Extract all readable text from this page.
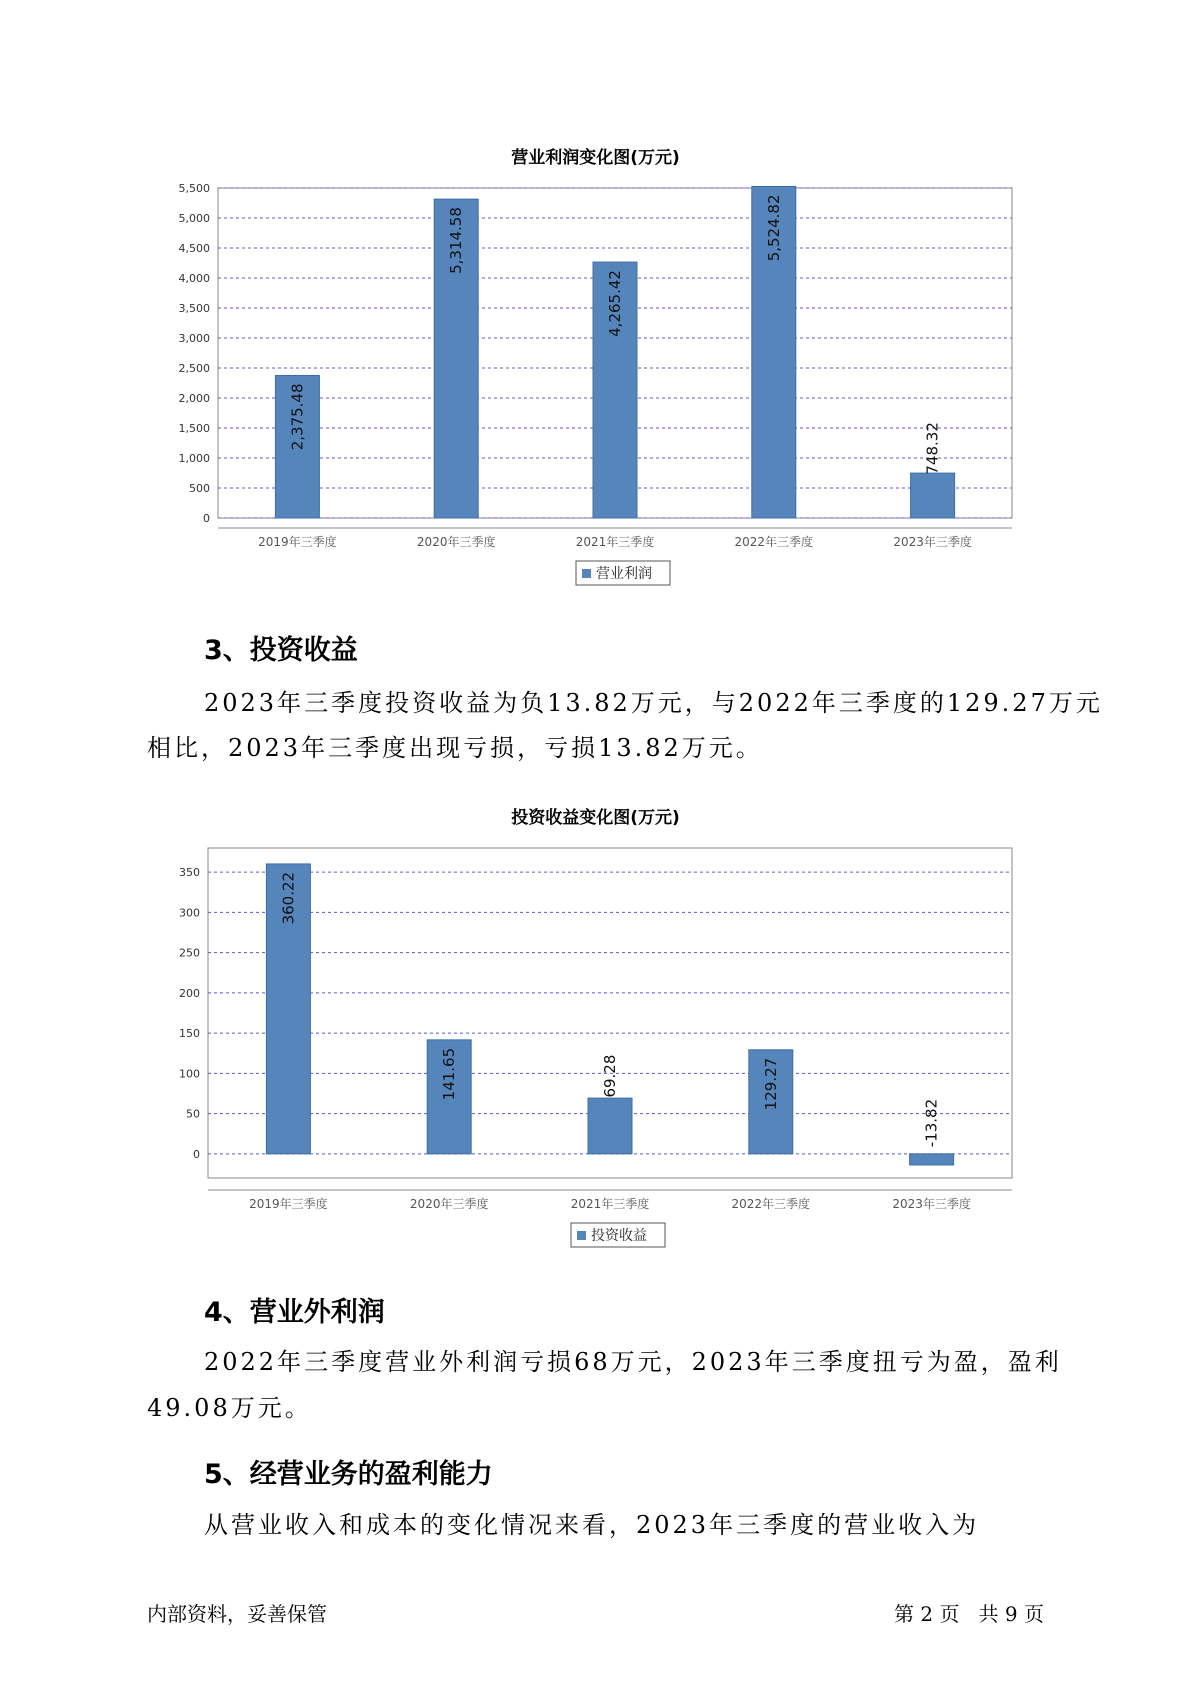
营业利润变化图(万元)
0
500
1,000
1,500
2,000
2,500
3,000
3,500
4,000
4,500
5,000
5,500
2,375.48
2019年三季度
5,314.58
2020年三季度
4,265.42
2021年三季度
5,524.82
2022年三季度
748.32
2023年三季度
营业利润
3、投资收益
2023年三季度投资收益为负13.82万元，与2022年三季度的129.27万元
相比，2023年三季度出现亏损，亏损13.82万元。
投资收益变化图(万元)
0
50
100
150
200
250
300
350	360.22
2019年三季度
141.65
2020年三季度
69.28
2021年三季度
129.27
2022年三季度
-13.82
2023年三季度
投资收益
4、营业外利润
2022年三季度营业外利润亏损68万元，2023年三季度扭亏为盈，盈利
49.08万元。
5、经营业务的盈利能力
从营业收入和成本的变化情况来看，2023年三季度的营业收入为
内部资料，妥善保管	第 2 页   共 9 页
